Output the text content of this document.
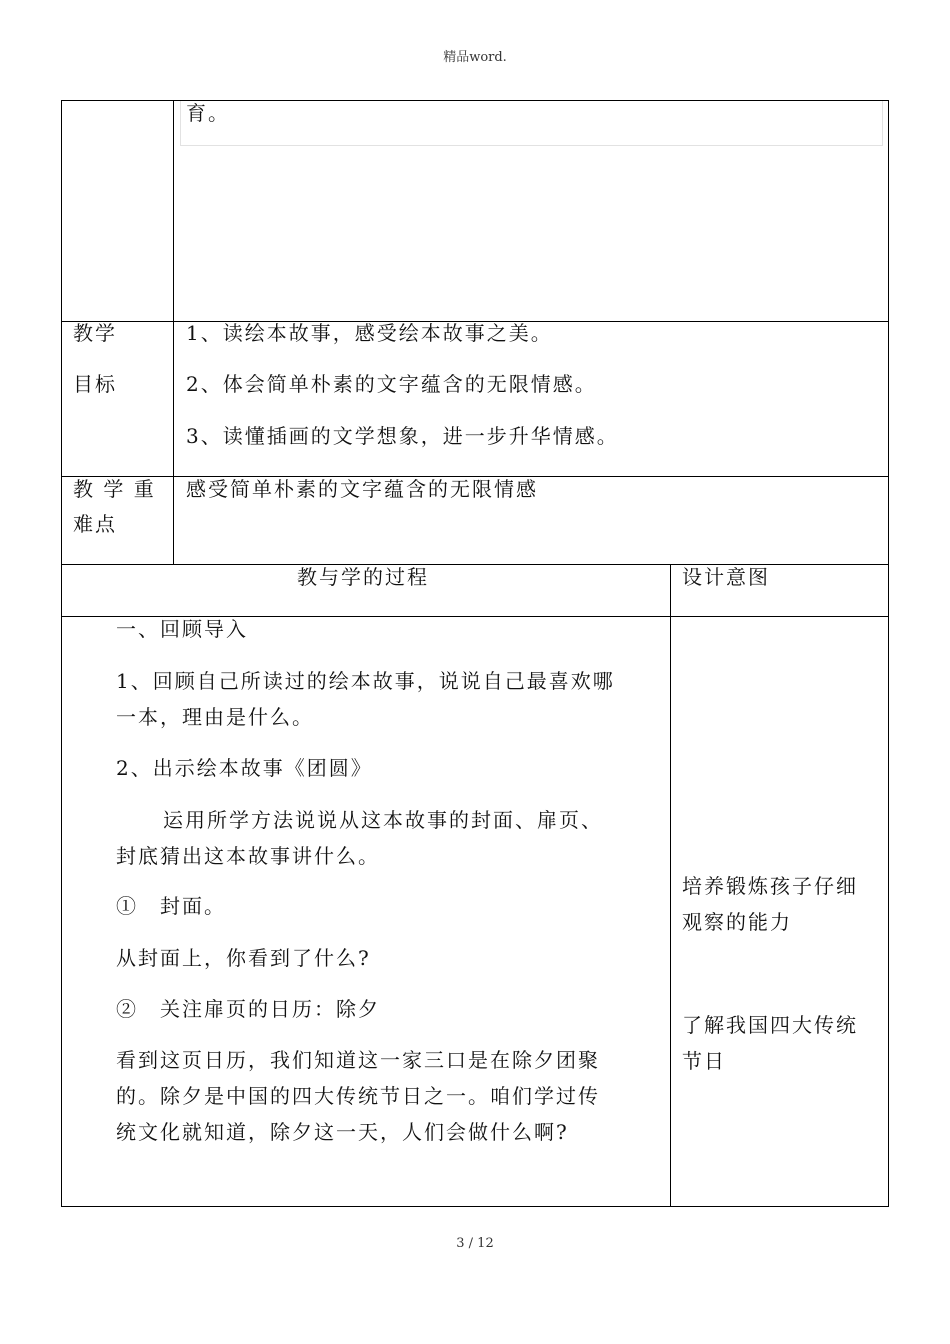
精品word.
育。
教学
目标
1、读绘本故事，感受绘本故事之美。
2、体会简单朴素的文字蕴含的无限情感。
3、读懂插画的文学想象，进一步升华情感。
教 学 重
难点
感受简单朴素的文字蕴含的无限情感
教与学的过程	设计意图
一、回顾导入
1、回顾自己所读过的绘本故事，说说自己最喜欢哪
一本，理由是什么。
2、出示绘本故事《团圆》
运用所学方法说说从这本故事的封面、扉页、
封底猜出这本故事讲什么。
①　封面。
从封面上，你看到了什么?
②　关注扉页的日历：除夕
看到这页日历，我们知道这一家三口是在除夕团聚
的。除夕是中国的四大传统节日之一。咱们学过传
统文化就知道，除夕这一天，人们会做什么啊?
培养锻炼孩子仔细
观察的能力
了解我国四大传统
节日
3 / 12
